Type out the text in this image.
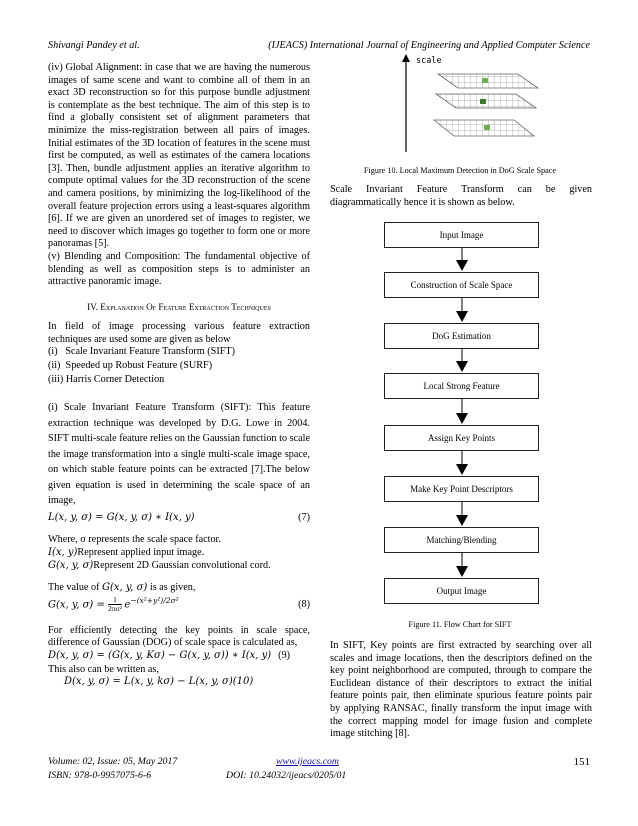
Shivangi Pandey et al.	(IJEACS) International Journal of Engineering and Applied Computer Science

(iv) Global Alignment: in case that we are having the numerous images of same scene and want to combine all of them in an exact 3D reconstruction so for this purpose bundle adjustment is contemplate as the best technique. The aim of this step is to find a globally consistent set of alignment parameters that minimize the miss-registration between all pairs of images. Initial estimates of the 3D location of features in the scene must first be computed, as well as estimates of the camera locations [3]. Then, bundle adjustment applies an iterative algorithm to compute optimal values for the 3D reconstruction of the scene and camera positions, by minimizing the log-likelihood of the overall feature projection errors using a least-squares algorithm [6]. If we are given an unordered set of images to register, we need to discover which images go together to form one or more panoramas [5].

(v) Blending and Composition: The fundamental objective of blending as well as composition steps is to administer an attractive panoramic image.

IV. Explanation Of Feature Extraction Techniques

In field of image processing various feature extraction techniques are used some are given as below

(i)   Scale Invariant Feature Transform (SIFT)
(ii)  Speeded up Robust Feature (SURF)
(iii) Harris Corner Detection

(i) Scale Invariant Feature Transform (SIFT): This feature extraction technique was developed by D.G. Lowe in 2004. SIFT multi-scale feature relies on the Gaussian function to scale the image transformation into a single multi-scale image space, on which stable feature points can be extracted [7].The below given equation is used in determining the scale space of an image,

L(x, y, σ) = G(x, y, σ) ∗ I(x, y)	(7)
Where, σ represents the scale space factor.
I(x, y)Represent applied input image.
G(x, y, σ)Represent 2D Gaussian convolutional cord.
The value of G(x, y, σ) is as given,
G(x, y, $\sigma) = \frac{1}{\text{2πσ²}} e^{-(x^2+y^2)/2\sigma^2}$	(8)

For efficiently detecting the key points in scale space, difference of Gaussian (DOG) of scale space is calculated as,

D(x, y, σ) = (G(x, y, Kσ) − G(x, y, σ)) ∗ I(x, y) (9)
This also can be written as,
D(x, y, σ) = L(x, y, kσ) − L(x, y, σ)(10)
scale
Figure 10. Local Maximum Detection in DoG Scale Space
Scale Invariant Feature Transform can be given diagrammatically hence it is shown as below.
Input Image
Construction of Scale Space
DoG Estimation
Local Strong Feature
Assign Key Points
Make Key Point Descriptors
Matching/Blending
Output Image
Figure 11. Flow Chart for SIFT
In SIFT, Key points are first extracted by searching over all scales and image locations, then the descriptors defined on the key point neighborhood are computed, through to compare the Euclidean distance of their descriptors to extract the initial feature points pair, then eliminate spurious feature points pair by applying RANSAC, finally transform the input image with the correct mapping model for image fusion and complete image stitching [8].
Volume: 02, Issue: 05, May 2017
ISBN: 978-0-9957075-6-6
www.ijeacs.com
DOI: 10.24032/ijeacs/0205/01
151
